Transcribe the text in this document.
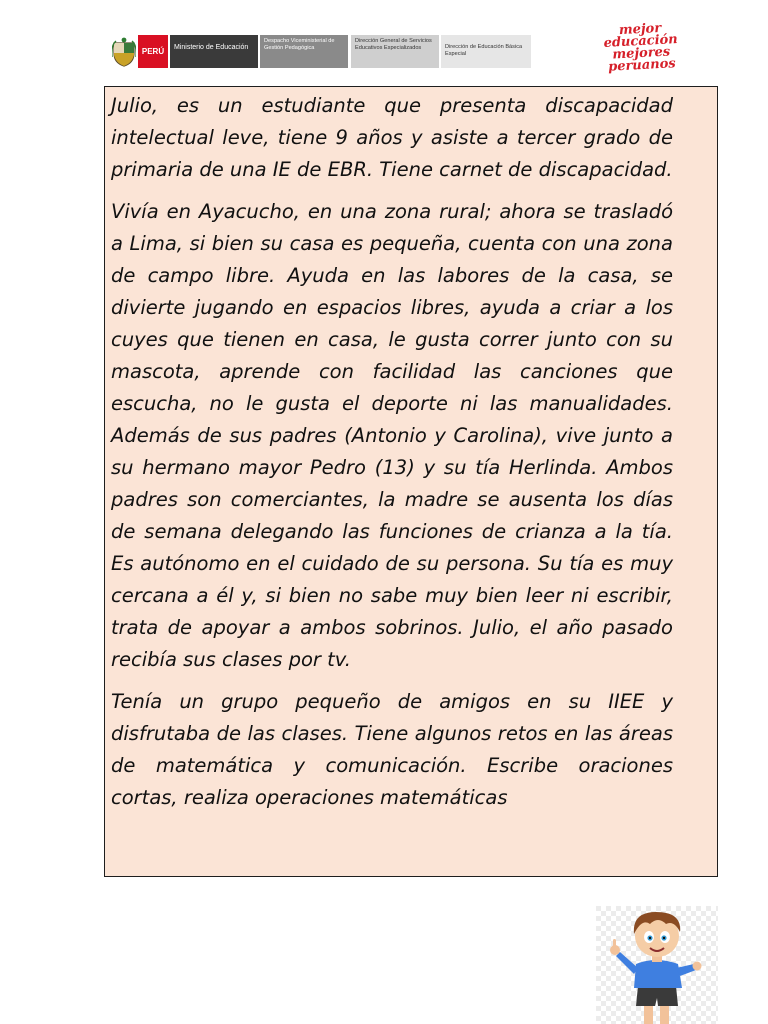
PERÚ	Ministerio de Educación
Despacho Viceministerial de Gestión Pedagógica
Dirección General de Servicios Educativos Especializados	Dirección de Educación Básica Especial
mejor educación mejores peruanos

Julio, es un estudiante que presenta discapacidad intelectual leve, tiene 9 años y asiste a tercer grado de primaria de una IE de EBR. Tiene carnet de discapacidad.

Vivía en Ayacucho, en una zona rural; ahora se trasladó a Lima, si bien su casa es pequeña, cuenta con una zona de campo libre. Ayuda en las labores de la casa, se divierte jugando en espacios libres, ayuda a criar a los cuyes que tienen en casa, le gusta correr junto con su mascota, aprende con facilidad las canciones que escucha, no le gusta el deporte ni las manualidades. Además de sus padres (Antonio y Carolina), vive junto a su hermano mayor Pedro (13) y su tía Herlinda. Ambos padres son comerciantes, la madre se ausenta los días de semana delegando las funciones de crianza a la tía. Es autónomo en el cuidado de su persona. Su tía es muy cercana a él y, si bien no sabe muy bien leer ni escribir, trata de apoyar a ambos sobrinos. Julio, el año pasado recibía sus clases por tv.

Tenía un grupo pequeño de amigos en su IIEE y disfrutaba de las clases. Tiene algunos retos en las áreas de matemática y comunicación. Escribe oraciones cortas, realiza operaciones matemáticas
